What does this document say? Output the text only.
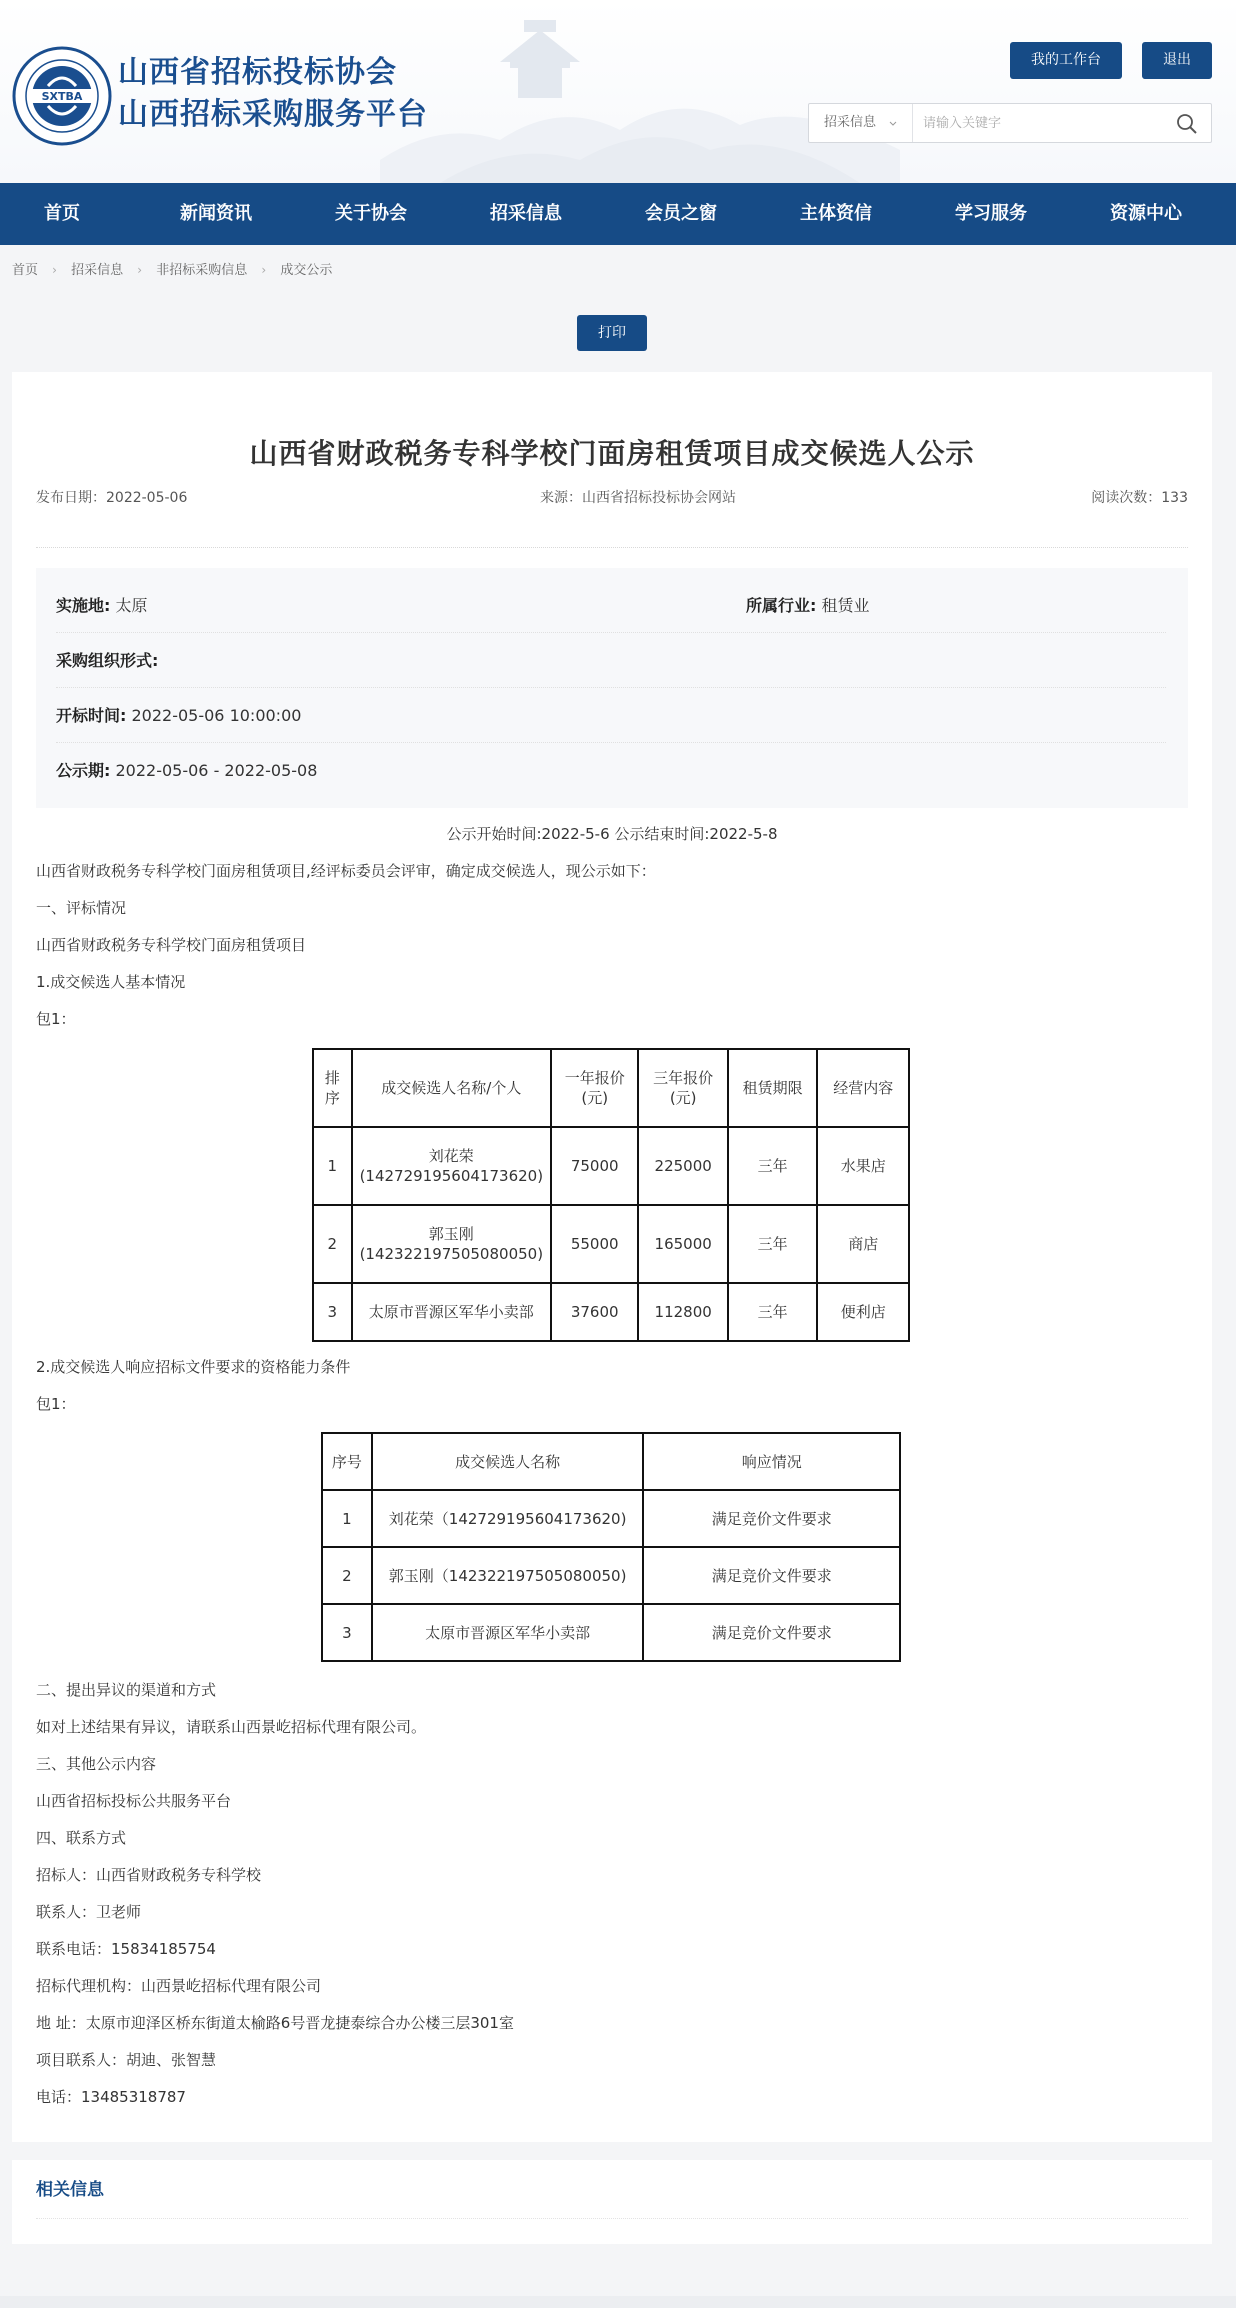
SXTBA
山西省招标投标协会
山西招标采购服务平台
我的工作台	退出
招采信息
请输入关键字
首页	新闻资讯	关于协会	招采信息	会员之窗	主体资信	学习服务	资源中心
首页 › 招采信息 › 非招标采购信息 › 成交公示
打印
山西省财政税务专科学校门面房租赁项目成交候选人公示
发布日期：2022-05-06	来源：山西省招标投标协会网站	阅读次数：133
实施地: 太原	所属行业: 租赁业
采购组织形式:
开标时间: 2022-05-06 10:00:00
公示期: 2022-05-06 - 2022-05-08
公示开始时间:2022-5-6 公示结束时间:2022-5-8
山西省财政税务专科学校门面房租赁项目,经评标委员会评审，确定成交候选人，现公示如下：
一、评标情况
山西省财政税务专科学校门面房租赁项目
1.成交候选人基本情况
包1：
排序	成交候选人名称/个人	一年报价(元)	三年报价(元)	租赁期限	经营内容
1	刘花荣(142729195604173620)	75000	225000	三年	水果店
2	郭玉刚(142322197505080050)	55000	165000	三年	商店
3	太原市晋源区军华小卖部	37600	112800	三年	便利店
2.成交候选人响应招标文件要求的资格能力条件
包1：
序号	成交候选人名称	响应情况
1	刘花荣（142729195604173620)	满足竞价文件要求
2	郭玉刚（142322197505080050)	满足竞价文件要求
3	太原市晋源区军华小卖部	满足竞价文件要求
二、提出异议的渠道和方式
如对上述结果有异议，请联系山西景屹招标代理有限公司。
三、其他公示内容
山西省招标投标公共服务平台
四、联系方式
招标人：山西省财政税务专科学校
联系人：卫老师
联系电话：15834185754
招标代理机构：山西景屹招标代理有限公司
地 址：太原市迎泽区桥东街道太榆路6号晋龙捷泰综合办公楼三层301室
项目联系人：胡迪、张智慧
电话：13485318787
相关信息
